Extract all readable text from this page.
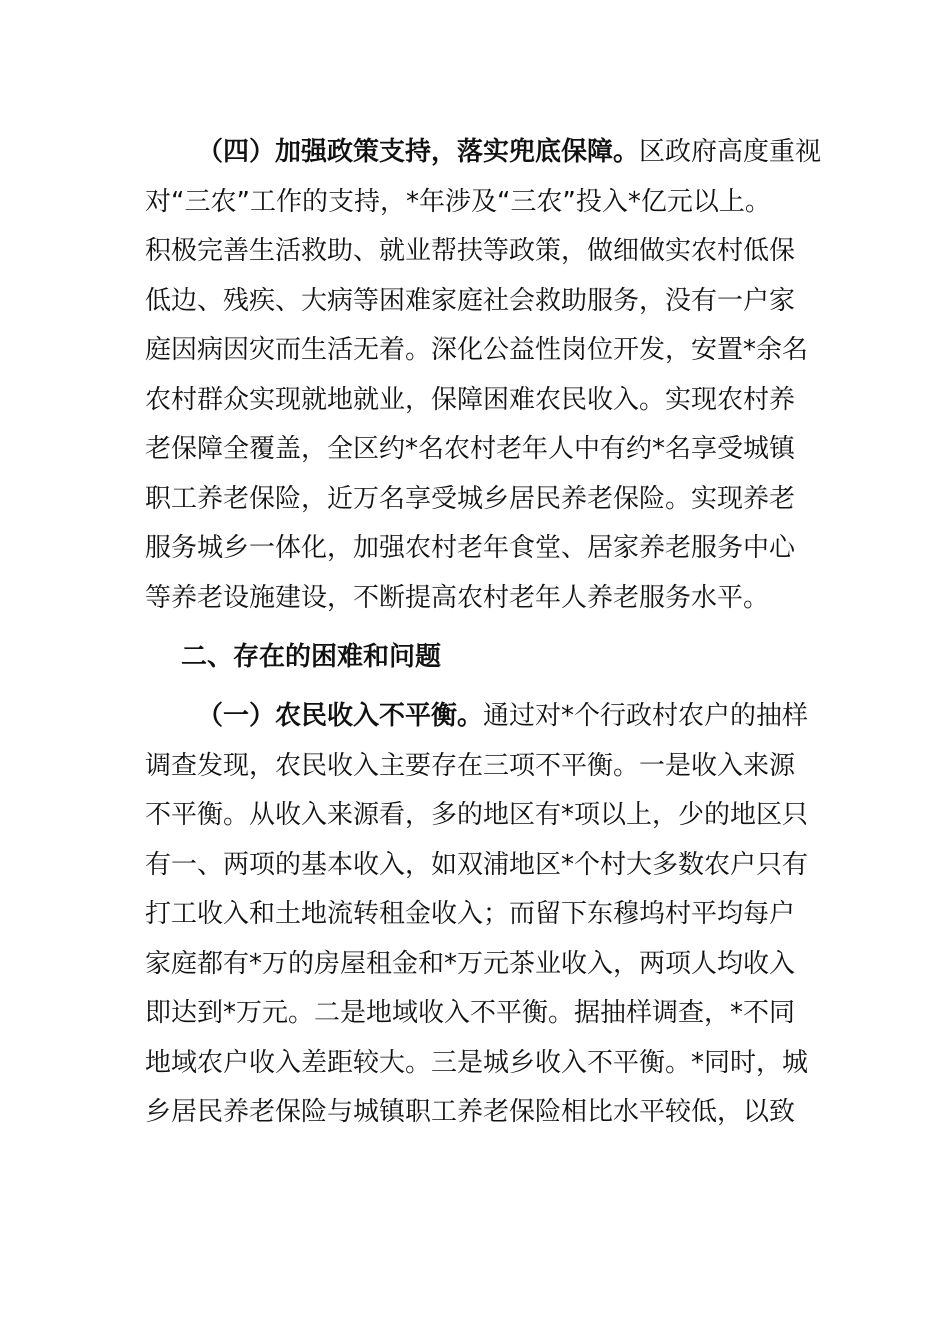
（四）加强政策支持，落实兜底保障。区政府高度重视
对“三农”工作的支持，*年涉及“三农”投入*亿元以上。
积极完善生活救助、就业帮扶等政策，做细做实农村低保
低边、残疾、大病等困难家庭社会救助服务，没有一户家
庭因病因灾而生活无着。深化公益性岗位开发，安置*余名
农村群众实现就地就业，保障困难农民收入。实现农村养
老保障全覆盖，全区约*名农村老年人中有约*名享受城镇
职工养老保险，近万名享受城乡居民养老保险。实现养老
服务城乡一体化，加强农村老年食堂、居家养老服务中心
等养老设施建设，不断提高农村老年人养老服务水平。
二、存在的困难和问题
（一）农民收入不平衡。通过对*个行政村农户的抽样
调查发现，农民收入主要存在三项不平衡。一是收入来源
不平衡。从收入来源看，多的地区有*项以上，少的地区只
有一、两项的基本收入，如双浦地区*个村大多数农户只有
打工收入和土地流转租金收入；而留下东穆坞村平均每户
家庭都有*万的房屋租金和*万元茶业收入，两项人均收入
即达到*万元。二是地域收入不平衡。据抽样调查，*不同
地域农户收入差距较大。三是城乡收入不平衡。*同时，城
乡居民养老保险与城镇职工养老保险相比水平较低，以致
